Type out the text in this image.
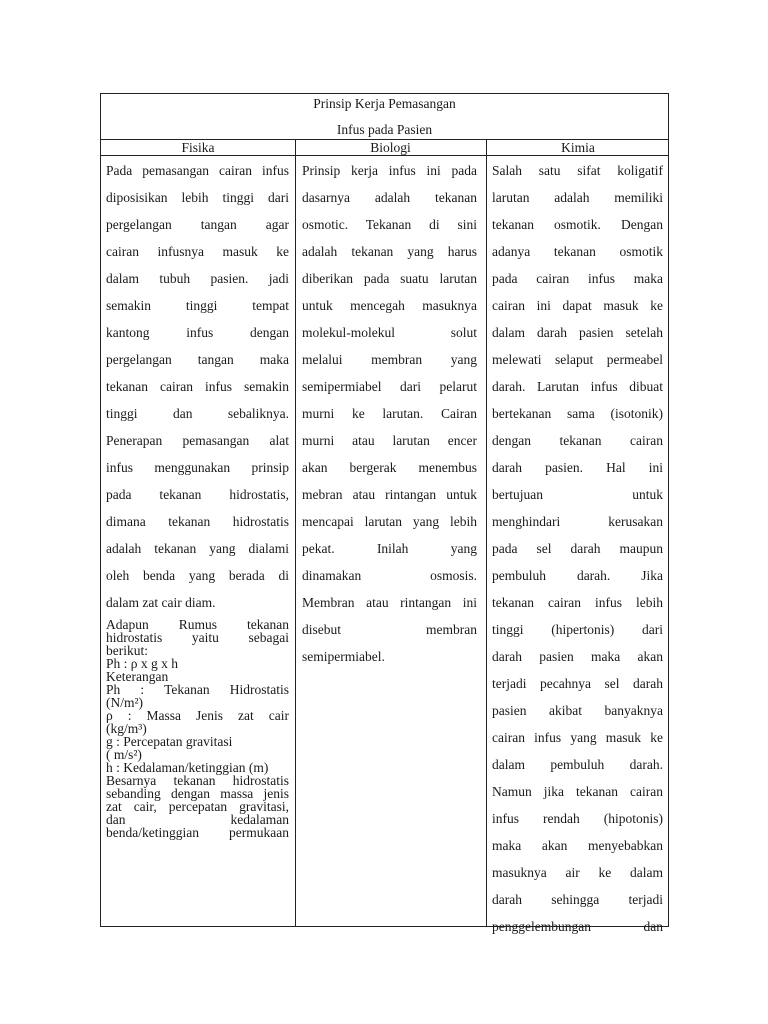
Prinsip Kerja Pemasangan
Infus pada Pasien
Fisika	Biologi	Kimia
Pada pemasangan cairan infus
diposisikan lebih tinggi dari
pergelangan tangan agar
cairan infusnya masuk ke
dalam tubuh pasien. jadi
semakin tinggi tempat
kantong infus dengan
pergelangan tangan maka
tekanan cairan infus semakin
tinggi dan sebaliknya.
Penerapan pemasangan alat
infus menggunakan prinsip
pada tekanan hidrostatis,
dimana tekanan hidrostatis
adalah tekanan yang dialami
oleh benda yang berada di
dalam zat cair diam.
Adapun Rumus tekanan
hidrostatis yaitu sebagai
berikut:
Ph : ρ x g x h
Keterangan
Ph : Tekanan Hidrostatis
(N/m²)
ρ : Massa Jenis zat cair
(kg/m³)
g : Percepatan gravitasi
( m/s²)
h : Kedalaman/ketinggian (m)
Besarnya tekanan hidrostatis
sebanding dengan massa jenis
zat cair, percepatan gravitasi,
dan kedalaman
benda/ketinggian permukaan
Prinsip kerja infus ini pada
dasarnya adalah tekanan
osmotic. Tekanan di sini
adalah tekanan yang harus
diberikan pada suatu larutan
untuk mencegah masuknya
molekul-molekul solut
melalui membran yang
semipermiabel dari pelarut
murni ke larutan. Cairan
murni atau larutan encer
akan bergerak menembus
mebran atau rintangan untuk
mencapai larutan yang lebih
pekat. Inilah yang
dinamakan osmosis.
Membran atau rintangan ini
disebut membran
semipermiabel.
Salah satu sifat koligatif
larutan adalah memiliki
tekanan osmotik. Dengan
adanya tekanan osmotik
pada cairan infus maka
cairan ini dapat masuk ke
dalam darah pasien setelah
melewati selaput permeabel
darah. Larutan infus dibuat
bertekanan sama (isotonik)
dengan tekanan cairan
darah pasien. Hal ini
bertujuan untuk
menghindari kerusakan
pada sel darah maupun
pembuluh darah. Jika
tekanan cairan infus lebih
tinggi (hipertonis) dari
darah pasien maka akan
terjadi pecahnya sel darah
pasien akibat banyaknya
cairan infus yang masuk ke
dalam pembuluh darah.
Namun jika tekanan cairan
infus rendah (hipotonis)
maka akan menyebabkan
masuknya air ke dalam
darah sehingga terjadi
penggelembungan dan
